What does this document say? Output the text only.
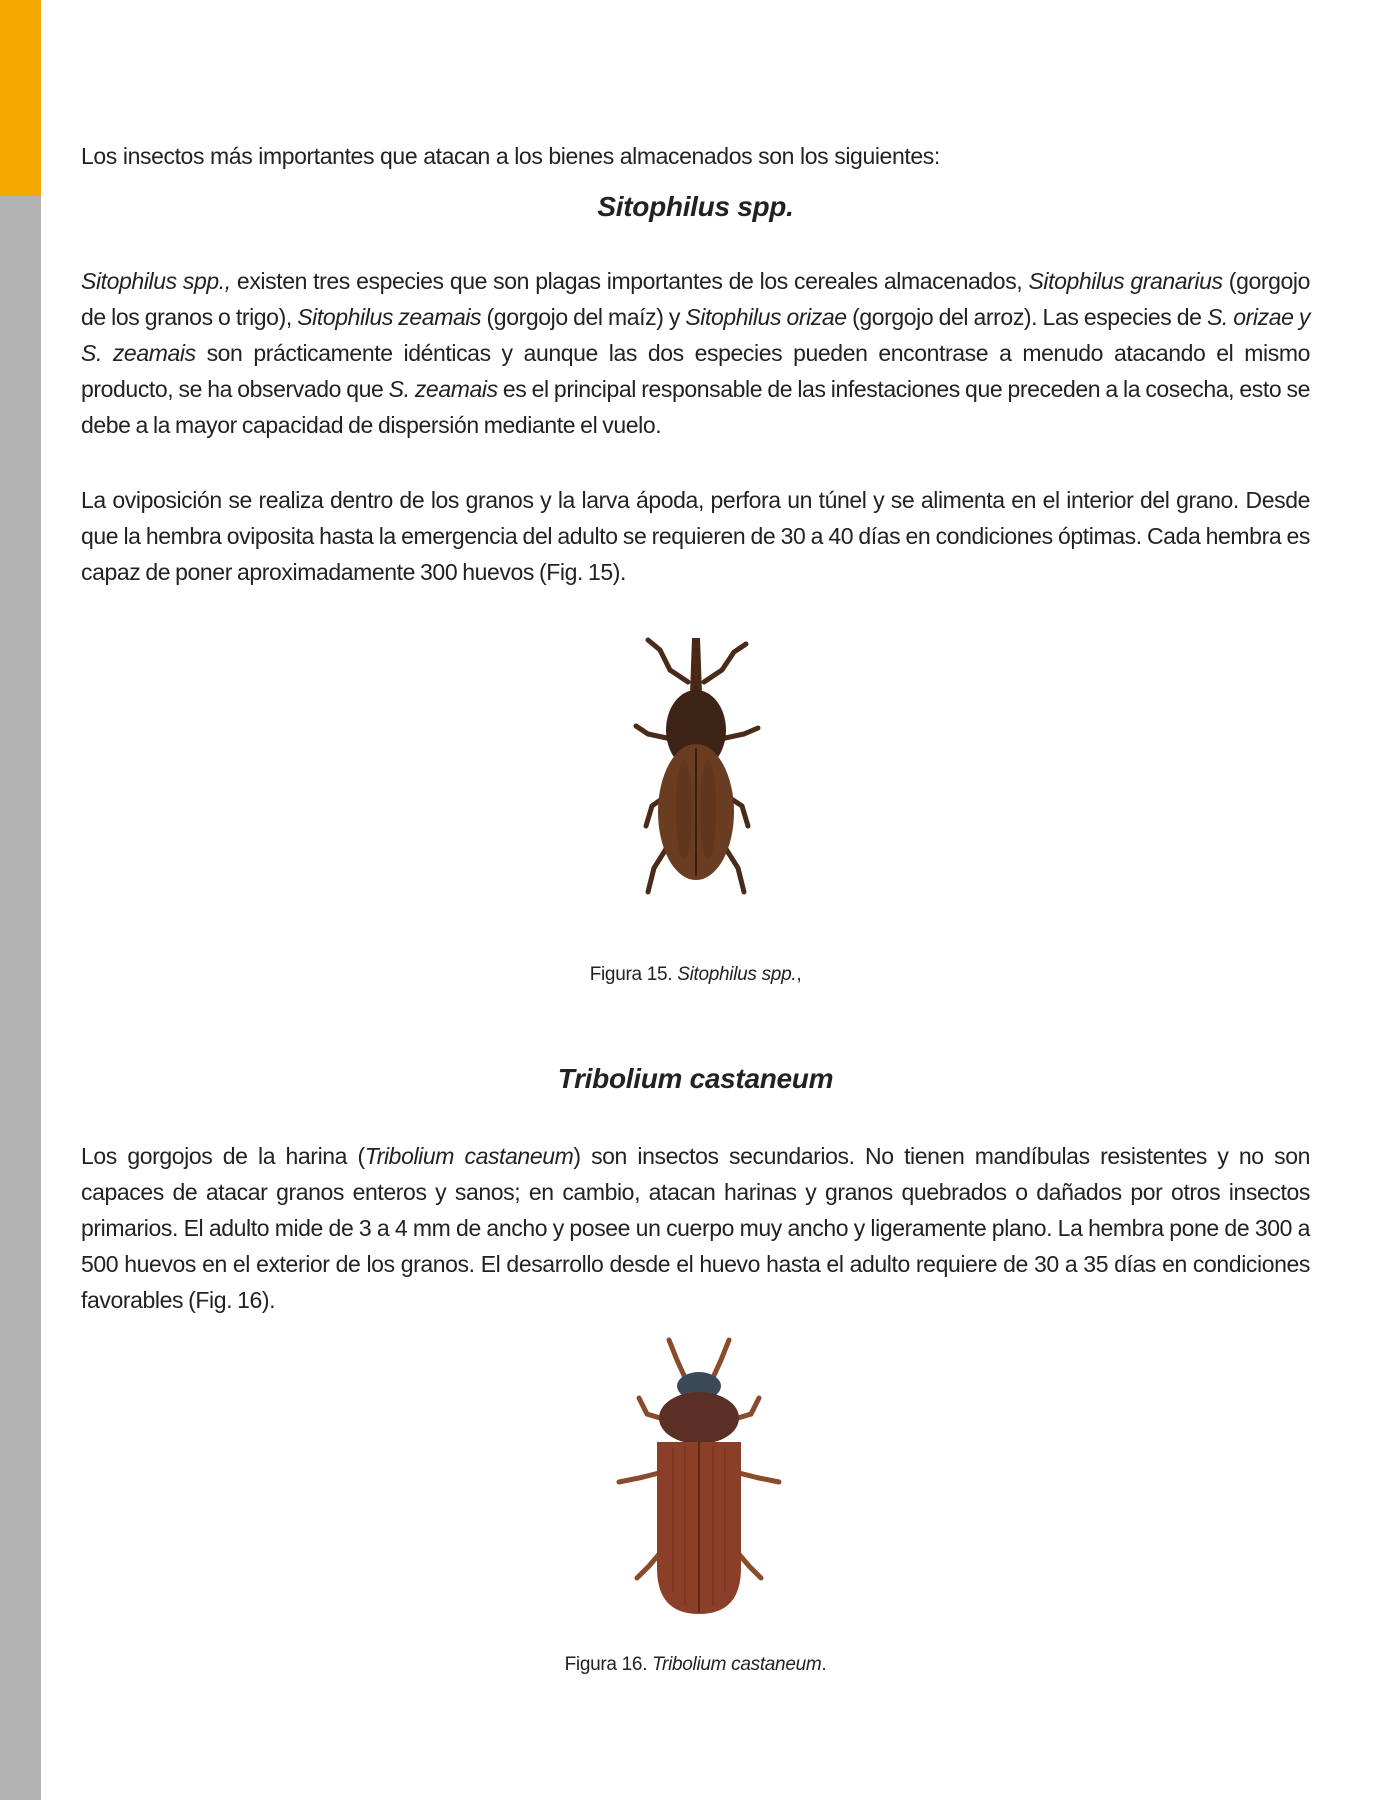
Los insectos más importantes que atacan a los bienes almacenados son los siguientes:

Sitophilus spp.

Sitophilus spp., existen tres especies que son plagas importantes de los cereales almacenados, Sitophilus granarius (gorgojo de los granos o trigo), Sitophilus zeamais (gorgojo del maíz) y Sitophilus orizae (gorgojo del arroz). Las especies de S. orizae y S. zeamais son prácticamente idénticas y aunque las dos especies pueden encontrase a menudo atacando el mismo producto, se ha observado que S. zeamais es el principal responsable de las infestaciones que preceden a la cosecha, esto se debe a la mayor capacidad de dispersión mediante el vuelo.

La oviposición se realiza dentro de los granos y la larva ápoda, perfora un túnel y se alimenta en el interior del grano. Desde que la hembra oviposita hasta la emergencia del adulto se requieren de 30 a 40 días en condiciones óptimas. Cada hembra es capaz de poner aproximadamente 300 huevos (Fig. 15).

Figura 15. Sitophilus spp.,
Tribolium castaneum

Los gorgojos de la harina (Tribolium castaneum) son insectos secundarios. No tienen mandíbulas resistentes y no son capaces de atacar granos enteros y sanos; en cambio, atacan harinas y granos quebrados o dañados por otros insectos primarios. El adulto mide de 3 a 4 mm de ancho y posee un cuerpo muy ancho y ligeramente plano. La hembra pone de 300 a 500 huevos en el exterior de los granos. El desarrollo desde el huevo hasta el adulto requiere de 30 a 35 días en condiciones favorables (Fig. 16).

Figura 16. Tribolium castaneum.
